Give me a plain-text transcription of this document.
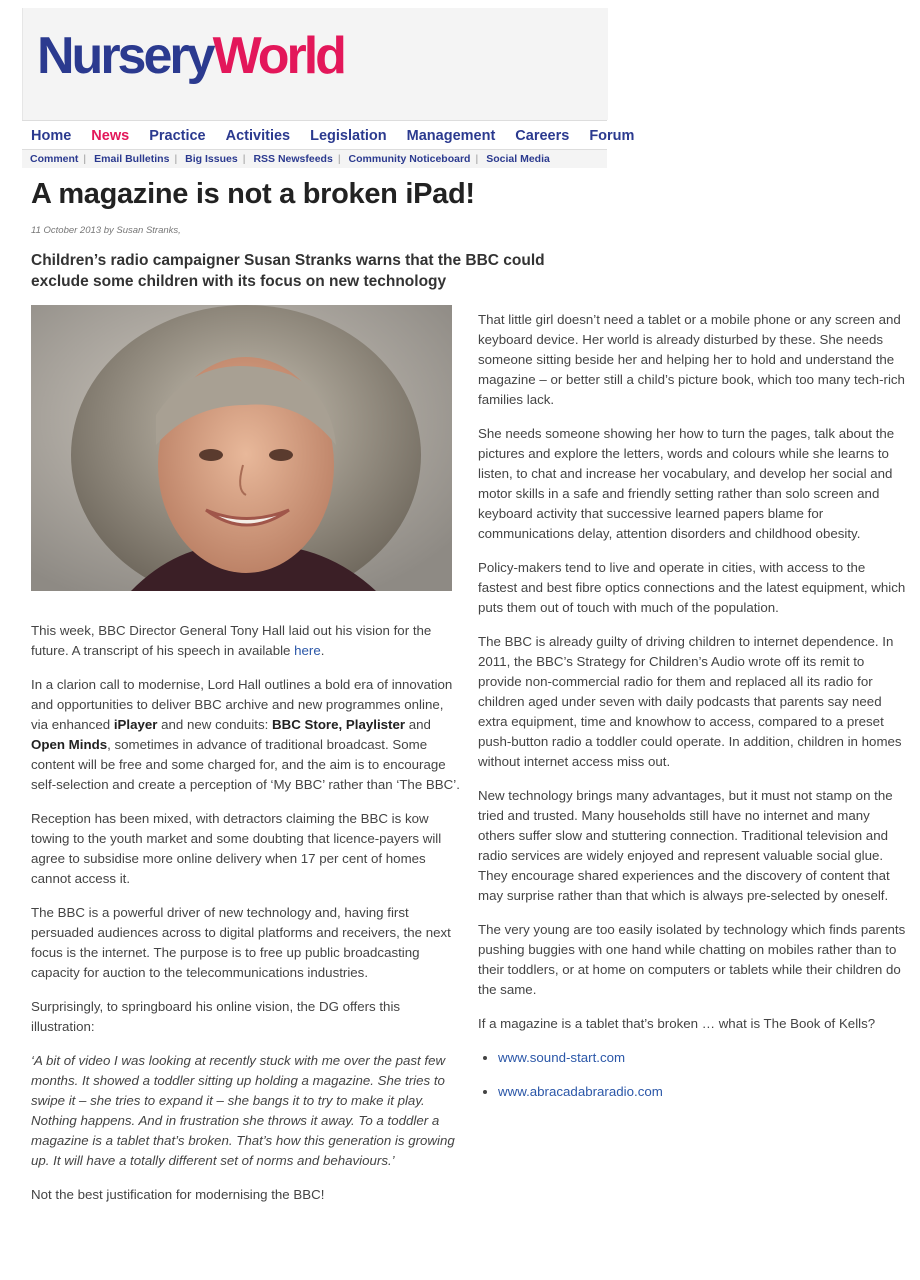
NurseryWorld
Home News Practice Activities Legislation Management Careers Forum
Comment | Email Bulletins | Big Issues | RSS Newsfeeds | Community Noticeboard | Social Media
A magazine is not a broken iPad!
11 October 2013 by Susan Stranks,
Children’s radio campaigner Susan Stranks warns that the BBC could exclude some children with its focus on new technology

This week, BBC Director General Tony Hall laid out his vision for the future. A transcript of his speech in available here.

In a clarion call to modernise, Lord Hall outlines a bold era of innovation and opportunities to deliver BBC archive and new programmes online, via enhanced iPlayer and new conduits: BBC Store, Playlister and Open Minds, sometimes in advance of traditional broadcast. Some content will be free and some charged for, and the aim is to encourage self-selection and create a perception of ‘My BBC’ rather than ‘The BBC’.

Reception has been mixed, with detractors claiming the BBC is kow towing to the youth market and some doubting that licence-payers will agree to subsidise more online delivery when 17 per cent of homes cannot access it.

The BBC is a powerful driver of new technology and, having first persuaded audiences across to digital platforms and receivers, the next focus is the internet. The purpose is to free up public broadcasting capacity for auction to the telecommunications industries.

Surprisingly, to springboard his online vision, the DG offers this illustration:

‘A bit of video I was looking at recently stuck with me over the past few months. It showed a toddler sitting up holding a magazine. She tries to swipe it – she tries to expand it – she bangs it to try to make it play. Nothing happens. And in frustration she throws it away. To a toddler a magazine is a tablet that’s broken. That’s how this generation is growing up. It will have a totally different set of norms and behaviours.’

Not the best justification for modernising the BBC!

That little girl doesn’t need a tablet or a mobile phone or any screen and keyboard device. Her world is already disturbed by these. She needs someone sitting beside her and helping her to hold and understand the magazine – or better still a child’s picture book, which too many tech-rich families lack.

She needs someone showing her how to turn the pages, talk about the pictures and explore the letters, words and colours while she learns to listen, to chat and increase her vocabulary, and develop her social and motor skills in a safe and friendly setting rather than solo screen and keyboard activity that successive learned papers blame for communications delay, attention disorders and childhood obesity.

Policy-makers tend to live and operate in cities, with access to the fastest and best fibre optics connections and the latest equipment, which puts them out of touch with much of the population.

The BBC is already guilty of driving children to internet dependence. In 2011, the BBC’s Strategy for Children’s Audio wrote off its remit to provide non-commercial radio for them and replaced all its radio for children aged under seven with daily podcasts that parents say need extra equipment, time and knowhow to access, compared to a preset push-button radio a toddler could operate. In addition, children in homes without internet access miss out.

New technology brings many advantages, but it must not stamp on the tried and trusted. Many households still have no internet and many others suffer slow and stuttering connection. Traditional television and radio services are widely enjoyed and represent valuable social glue. They encourage shared experiences and the discovery of content that may surprise rather than that which is always pre-selected by oneself.

The very young are too easily isolated by technology which finds parents pushing buggies with one hand while chatting on mobiles rather than to their toddlers, or at home on computers or tablets while their children do the same.

If a magazine is a tablet that’s broken … what is The Book of Kells?

• www.sound-start.com
• www.abracadabraradio.com
